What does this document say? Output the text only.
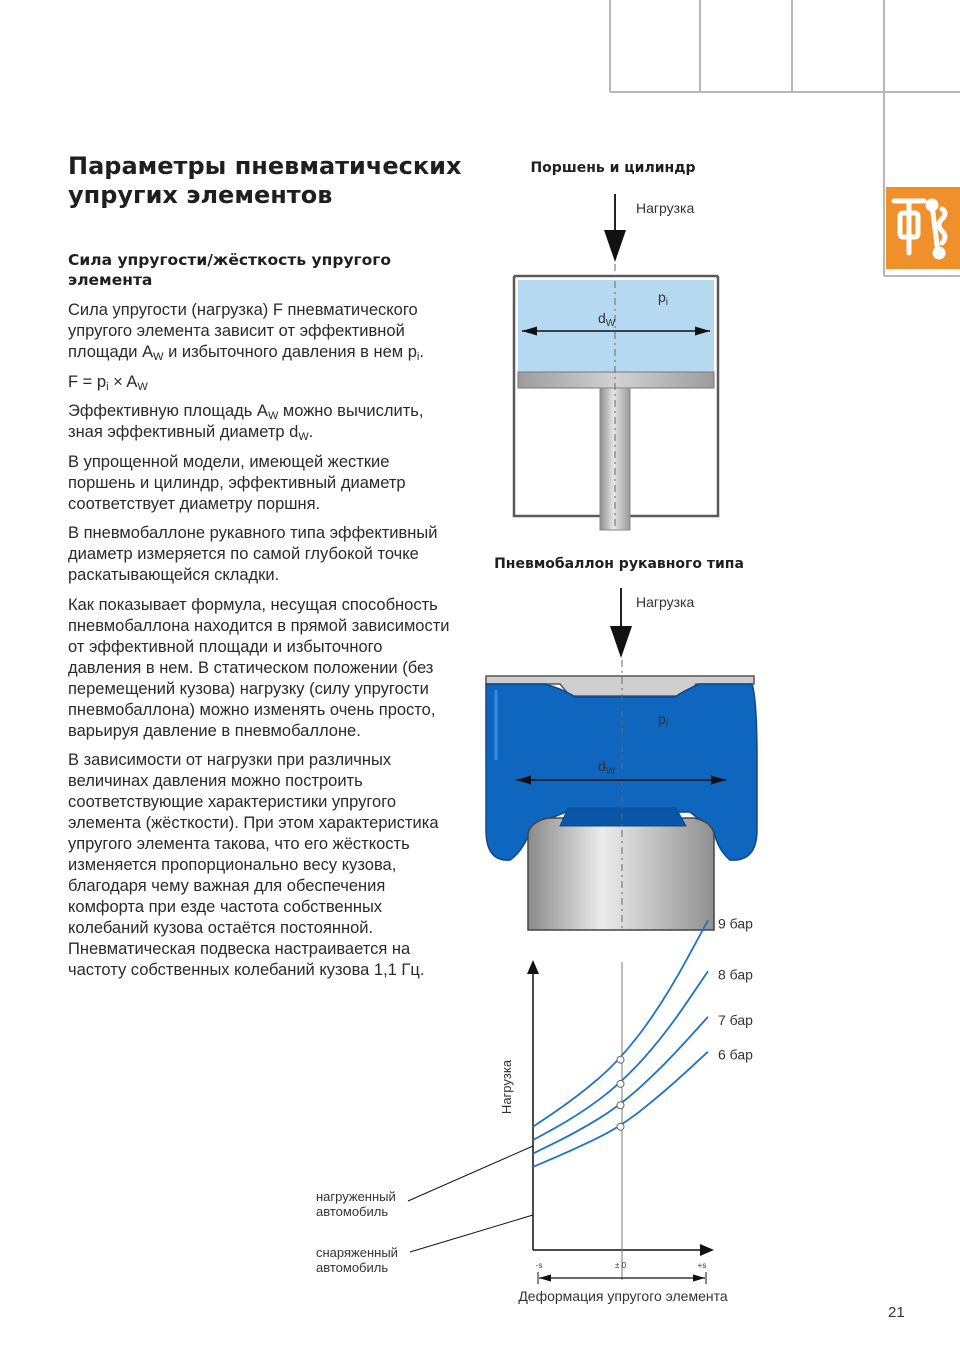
Параметры пневматических упругих элементов
Сила упругости/жёсткость упругого элемента

Сила упругости (нагрузка) F пневматического упругого элемента зависит от эффективной площади $A_W$ и избыточного давления в нем $p_i$.

$F = p_i \times A_W$

Эффективную площадь $A_W$ можно вычислить, зная эффективный диаметр $d_W$.

В упрощенной модели, имеющей жесткие поршень и цилиндр, эффективный диаметр соответствует диаметру поршня.

В пневмобаллоне рукавного типа эффективный диаметр измеряется по самой глубокой точке раскатывающейся складки.

Как показывает формула, несущая способность пневмобаллона находится в прямой зависимости от эффективной площади и избыточного давления в нем. В статическом положении (без перемещений кузова) нагрузку (силу упругости пневмобаллона) можно изменять очень просто, варьируя давление в пневмобаллоне.

В зависимости от нагрузки при различных величинах давления можно построить соответствующие характеристики упругого элемента (жёсткости). При этом характеристика упругого элемента такова, что его жёсткость изменяется пропорционально весу кузова, благодаря чему важная для обеспечения комфорта при езде частота собственных колебаний кузова остаётся постоянной. Пневматическая подвеска настраивается на частоту собственных колебаний кузова 1,1 Гц.

Поршень и цилиндр
Нагрузка
$d_W$
$p_i$
Пневмобаллон рукавного типа
Нагрузка
$d_W$
$p_i$
-s	± 0	+s
Нагрузка
Деформация упругого элемента
6 бар
7 бар
8 бар
9 бар
нагруженный автомобиль
снаряженный автомобиль
21
